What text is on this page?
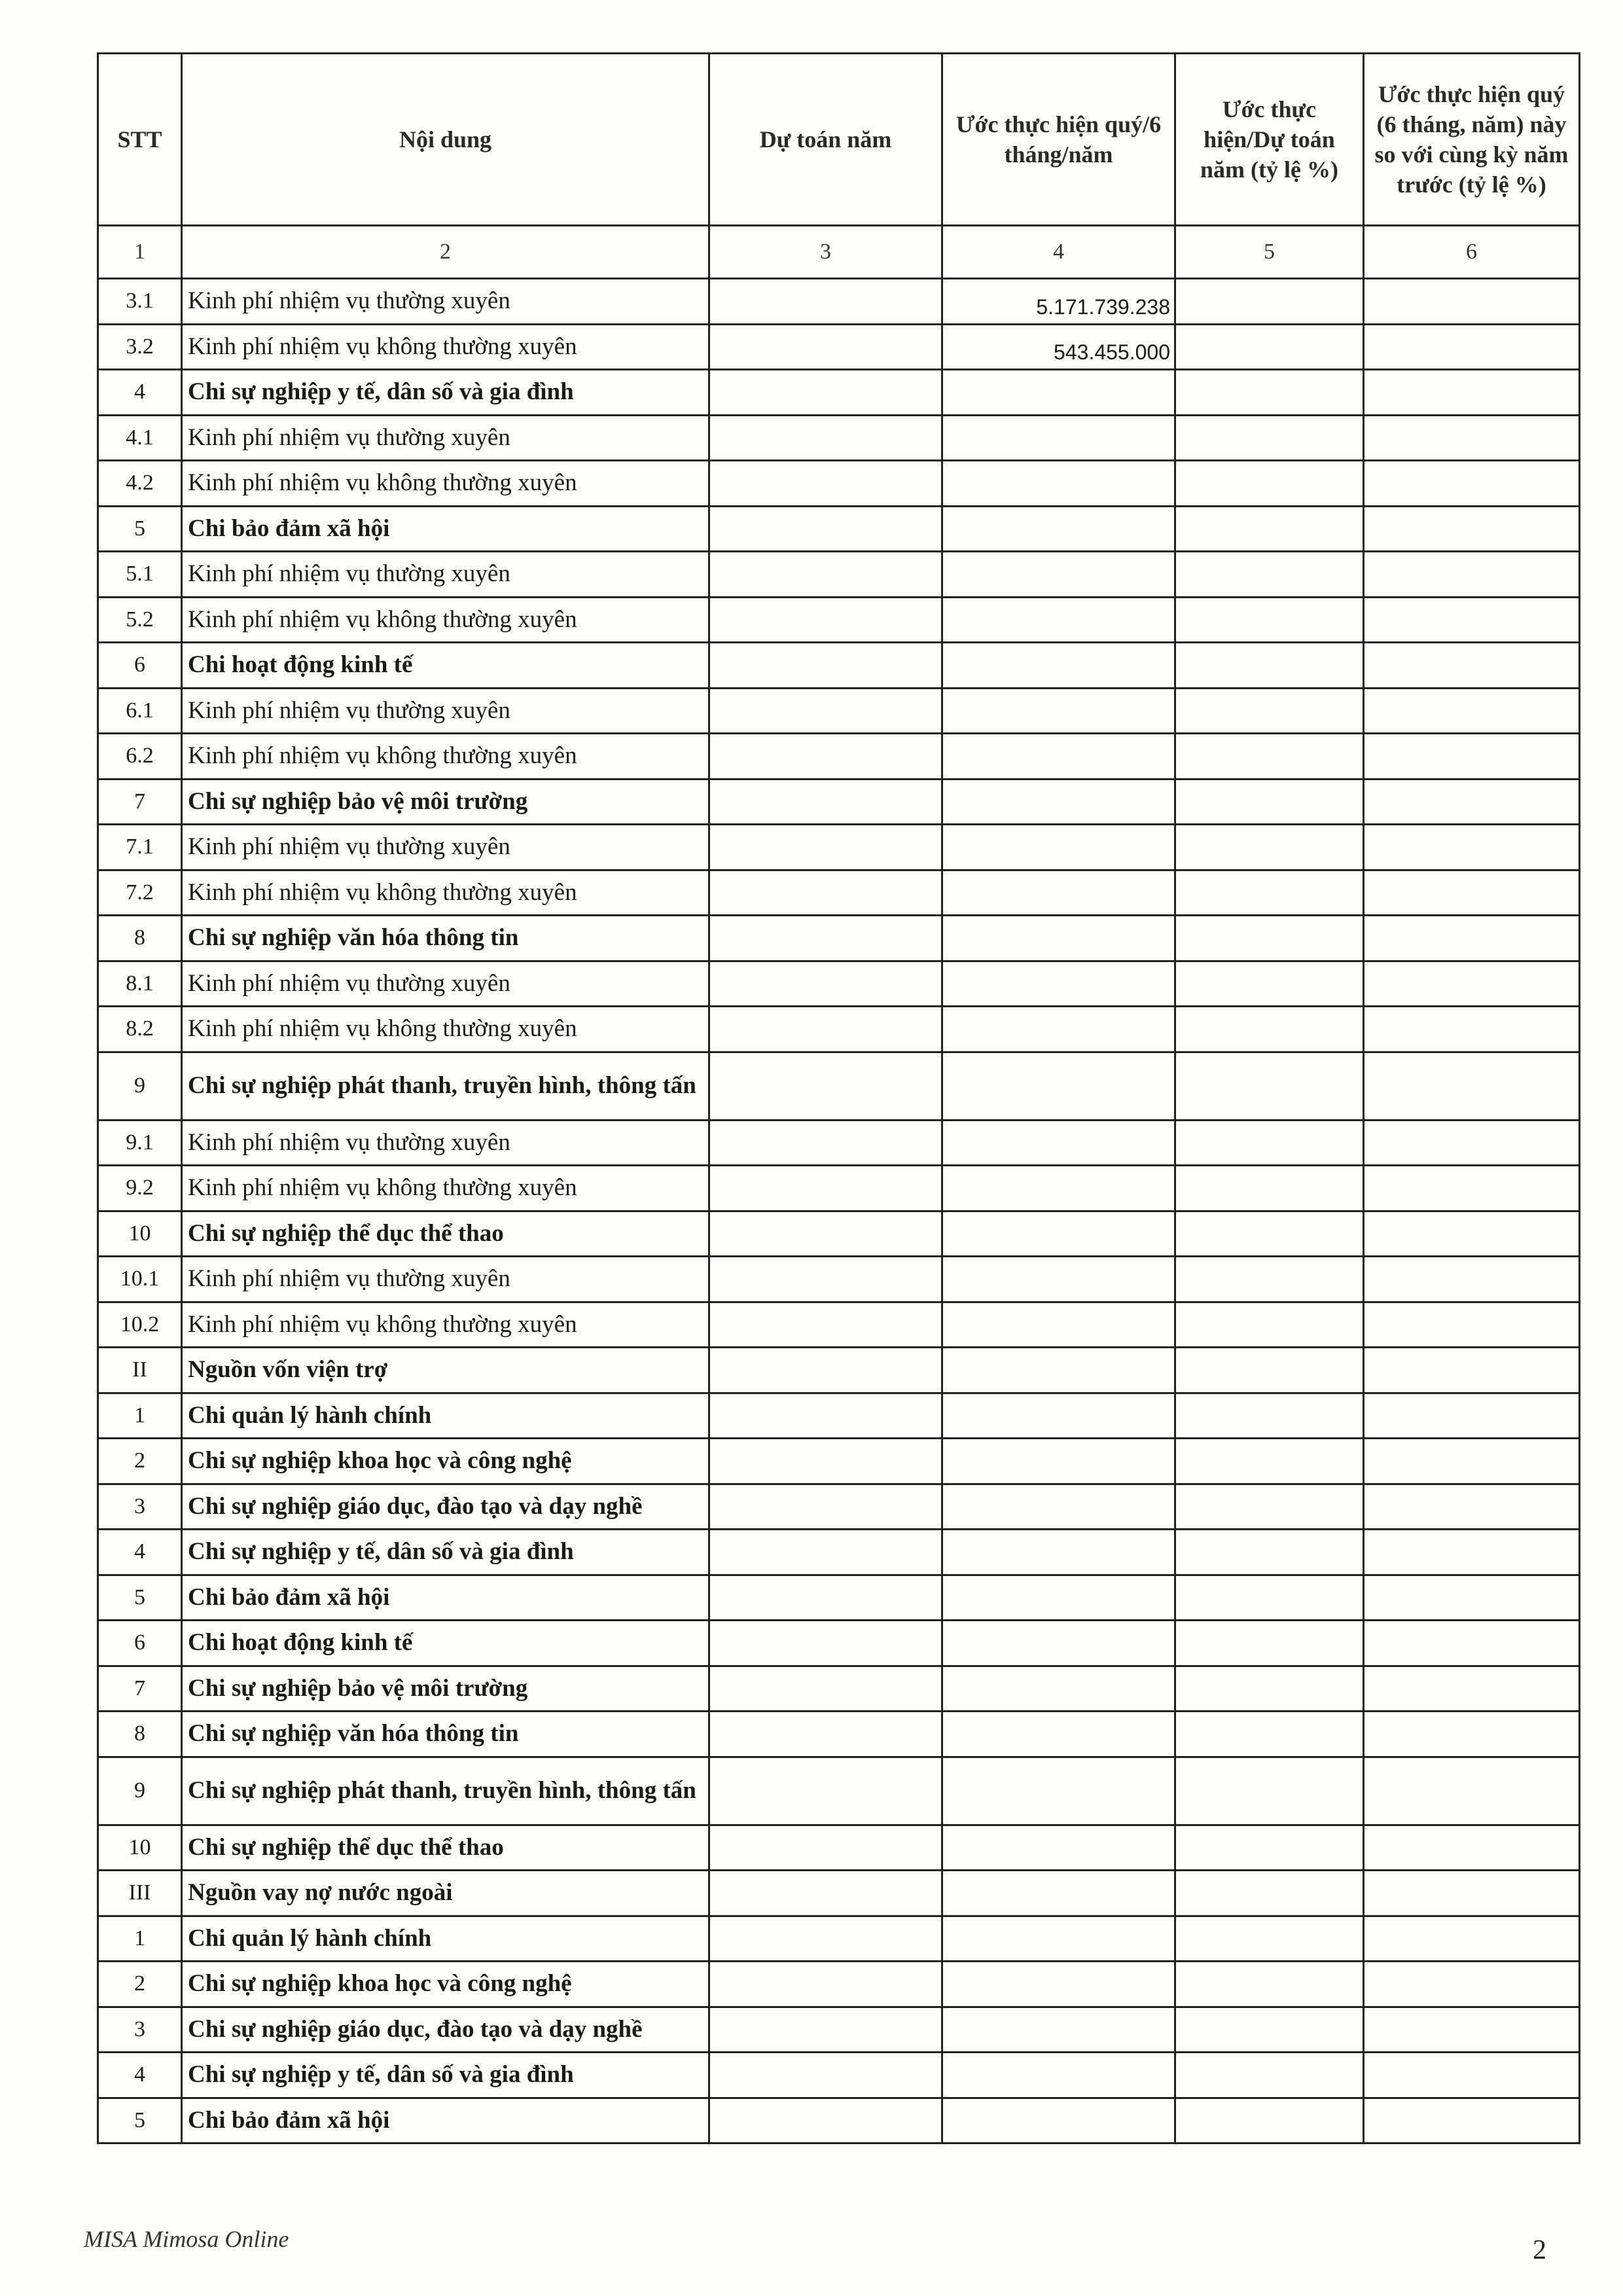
STT	Nội dung	Dự toán năm	Ước thực hiện quý/6 tháng/năm	Ước thực hiện/Dự toán năm (tỷ lệ %)	Ước thực hiện quý (6 tháng, năm) này so với cùng kỳ năm trước (tỷ lệ %)
1	2	3	4	5	6
3.1	Kinh phí nhiệm vụ thường xuyên		5.171.739.238		
3.2	Kinh phí nhiệm vụ không thường xuyên		543.455.000		
4	Chi sự nghiệp y tế, dân số và gia đình				
4.1	Kinh phí nhiệm vụ thường xuyên				
4.2	Kinh phí nhiệm vụ không thường xuyên				
5	Chi bảo đảm xã hội				
5.1	Kinh phí nhiệm vụ thường xuyên				
5.2	Kinh phí nhiệm vụ không thường xuyên				
6	Chi hoạt động kinh tế				
6.1	Kinh phí nhiệm vụ thường xuyên				
6.2	Kinh phí nhiệm vụ không thường xuyên				
7	Chi sự nghiệp bảo vệ môi trường				
7.1	Kinh phí nhiệm vụ thường xuyên				
7.2	Kinh phí nhiệm vụ không thường xuyên				
8	Chi sự nghiệp văn hóa thông tin				
8.1	Kinh phí nhiệm vụ thường xuyên				
8.2	Kinh phí nhiệm vụ không thường xuyên				
9	Chi sự nghiệp phát thanh, truyền hình, thông tấn				
9.1	Kinh phí nhiệm vụ thường xuyên				
9.2	Kinh phí nhiệm vụ không thường xuyên				
10	Chi sự nghiệp thể dục thể thao				
10.1	Kinh phí nhiệm vụ thường xuyên				
10.2	Kinh phí nhiệm vụ không thường xuyên				
II	Nguồn vốn viện trợ				
1	Chi quản lý hành chính				
2	Chi sự nghiệp khoa học và công nghệ				
3	Chi sự nghiệp giáo dục, đào tạo và dạy nghề				
4	Chi sự nghiệp y tế, dân số và gia đình				
5	Chi bảo đảm xã hội				
6	Chi hoạt động kinh tế				
7	Chi sự nghiệp bảo vệ môi trường				
8	Chi sự nghiệp văn hóa thông tin				
9	Chi sự nghiệp phát thanh, truyền hình, thông tấn				
10	Chi sự nghiệp thể dục thể thao				
III	Nguồn vay nợ nước ngoài				
1	Chi quản lý hành chính				
2	Chi sự nghiệp khoa học và công nghệ				
3	Chi sự nghiệp giáo dục, đào tạo và dạy nghề				
4	Chi sự nghiệp y tế, dân số và gia đình				
5	Chi bảo đảm xã hội				
MISA Mimosa Online	2
